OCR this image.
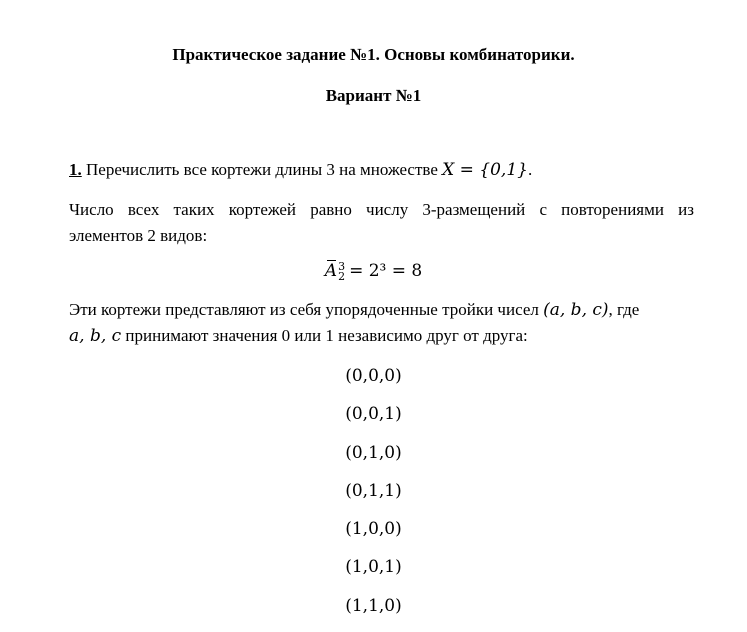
Практическое задание №1. Основы комбинаторики.
Вариант №1
1. Перечислить все кортежи длины 3 на множестве X = {0,1}.
Число всех таких кортежей равно числу 3-размещений с повторениями из
элементов 2 видов:
A 3
2 = 2³ = 8
Эти кортежи представляют из себя упорядоченные тройки чисел (a, b, c), где
a, b, c принимают значения 0 или 1 независимо друг от друга:
(0,0,0)
(0,0,1)
(0,1,0)
(0,1,1)
(1,0,0)
(1,0,1)
(1,1,0)
